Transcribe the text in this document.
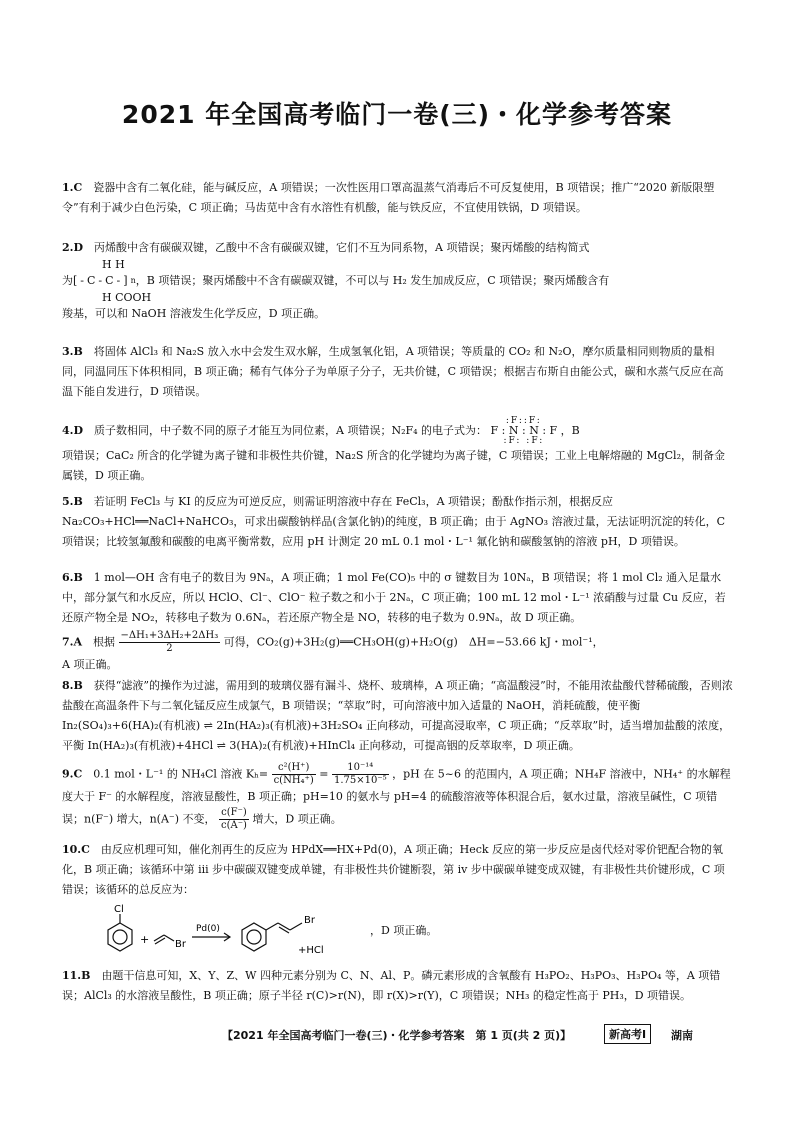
2021 年全国高考临门一卷(三)・化学参考答案

1.C　 瓷器中含有二氧化硅，能与碱反应，A 项错误；一次性医用口罩高温蒸气消毒后不可反复使用，B 项错误；推广“2020 新版限塑令”有利于减少白色污染，C 项正确；马齿苋中含有水溶性有机酸，能与铁反应，不宜使用铁锅，D 项错误。

2.D　 丙烯酸中含有碳碳双键，乙酸中不含有碳碳双键，它们不互为同系物，A 项错误；聚丙烯酸的结构简式

H H
为 [-C-C-] n ，B 项错误；聚丙烯酸中不含有碳碳双键，不可以与 H₂ 发生加成反应，C 项错误；聚丙烯酸含有
H COOH

羧基，可以和 NaOH 溶液发生化学反应，D 项正确。

3.B　 将固体 AlCl₃ 和 Na₂S 放入水中会发生双水解，生成氢氧化铝，A 项错误；等质量的 CO₂ 和 N₂O，摩尔质量相同则物质的量相同，同温同压下体积相同，B 项正确；稀有气体分子为单原子分子，无共价键，C 项错误；根据吉布斯自由能公式，碳和水蒸气反应在高温下能自发进行，D 项错误。

4.D　 质子数相同，中子数不同的原子才能互为同位素，A 项错误；N₂F₄ 的电子式为：
:F::F:
F : N : N : F
:F: :F:
，B

项错误；CaC₂ 所含的化学键为离子键和非极性共价键，Na₂S 所含的化学键均为离子键，C 项错误；工业上电解熔融的 MgCl₂，制备金属镁，D 项正确。

5.B　 若证明 FeCl₃ 与 KI 的反应为可逆反应，则需证明溶液中存在 FeCl₃，A 项错误；酚酞作指示剂，根据反应 Na₂CO₃+HCl══NaCl+NaHCO₃，可求出碳酸钠样品(含氯化钠)的纯度，B 项正确；由于 AgNO₃ 溶液过量，无法证明沉淀的转化，C 项错误；比较氢氟酸和碳酸的电离平衡常数，应用 pH 计测定 20 mL 0.1 mol・L⁻¹ 氟化钠和碳酸氢钠的溶液 pH，D 项错误。

6.B　 1 mol—OH 含有电子的数目为 9Nₐ，A 项正确；1 mol Fe(CO)₅ 中的 σ 键数目为 10Nₐ，B 项错误；将 1 mol Cl₂ 通入足量水中，部分氯气和水反应，所以 HClO、Cl⁻、ClO⁻ 粒子数之和小于 2Nₐ，C 项正确；100 mL 12 mol・L⁻¹ 浓硝酸与过量 Cu 反应，若还原产物全是 NO₂，转移电子数为 0.6Nₐ，若还原产物全是 NO，转移的电子数为 0.9Nₐ，故 D 项正确。

7.A　 根据 $\frac{\text{−ΔH₁+3ΔH₂+2ΔH₃}}{2}$ 可得，CO₂(g)+3H₂(g)══CH₃OH(g)+H₂O(g)　ΔH=−53.66 kJ・mol⁻¹，

A 项正确。

8.B　 获得“滤液”的操作为过滤，需用到的玻璃仪器有漏斗、烧杯、玻璃棒，A 项正确；“高温酸浸”时，不能用浓盐酸代替稀硫酸，否则浓盐酸在高温条件下与二氧化锰反应生成氯气，B 项错误；“萃取”时，可向溶液中加入适量的 NaOH，消耗硫酸，使平衡 In₂(SO₄)₃+6(HA)₂(有机液) ⇌ 2In(HA₂)₃(有机液)+3H₂SO₄ 正向移动，可提高浸取率，C 项正确；“反萃取”时，适当增加盐酸的浓度，平衡 In(HA₂)₃(有机液)+4HCl ⇌ 3(HA)₂(有机液)+HInCl₄ 正向移动，可提高铟的反萃取率，D 项正确。

9.C　 0.1 mol・L⁻¹ 的 NH₄Cl 溶液 $K_h= \frac{\text{c²(H⁺)}}{\text{c(NH₄⁺)}} = \frac{\text{10⁻¹⁴}}{\text{1.75×10⁻⁵}}$ ，pH 在 5~6 的范围内，A 项正确；NH₄F 溶液中，NH₄⁺ 的水解程度大于 F⁻ 的水解程度，溶液显酸性，B 项正确；pH=10 的氨水与 pH=4 的硫酸溶液等体积混合后，氨水过量，溶液呈碱性，C 项错误；n(F⁻) 增大，n(A⁻) 不变， $\frac{c(F^-)}{c(A^-)}$ 增大，D 项正确。

10.C　 由反应机理可知，催化剂再生的反应为 HPdX══HX+Pd(0)，A 项正确；Heck 反应的第一步反应是卤代烃对零价钯配合物的氧化，B 项正确；该循环中第 iii 步中碳碳双键变成单键，有非极性共价键断裂，第 iv 步中碳碳单键变成双键，有非极性共价键形成，C 项错误；该循环的总反应为：

Cl
+	Br
Pd(0)
Br
+HCl
，D 项正确。

11.B　 由题干信息可知，X、Y、Z、W 四种元素分别为 C、N、Al、P。磷元素形成的含氧酸有 H₃PO₂、H₃PO₃、H₃PO₄ 等，A 项错误；AlCl₃ 的水溶液呈酸性，B 项正确；原子半径 r(C)>r(N)，即 r(X)>r(Y)，C 项错误；NH₃ 的稳定性高于 PH₃，D 项错误。

【2021 年全国高考临门一卷(三)・化学参考答案　第 1 页(共 2 页)】	新高考Ⅰ	湖南
